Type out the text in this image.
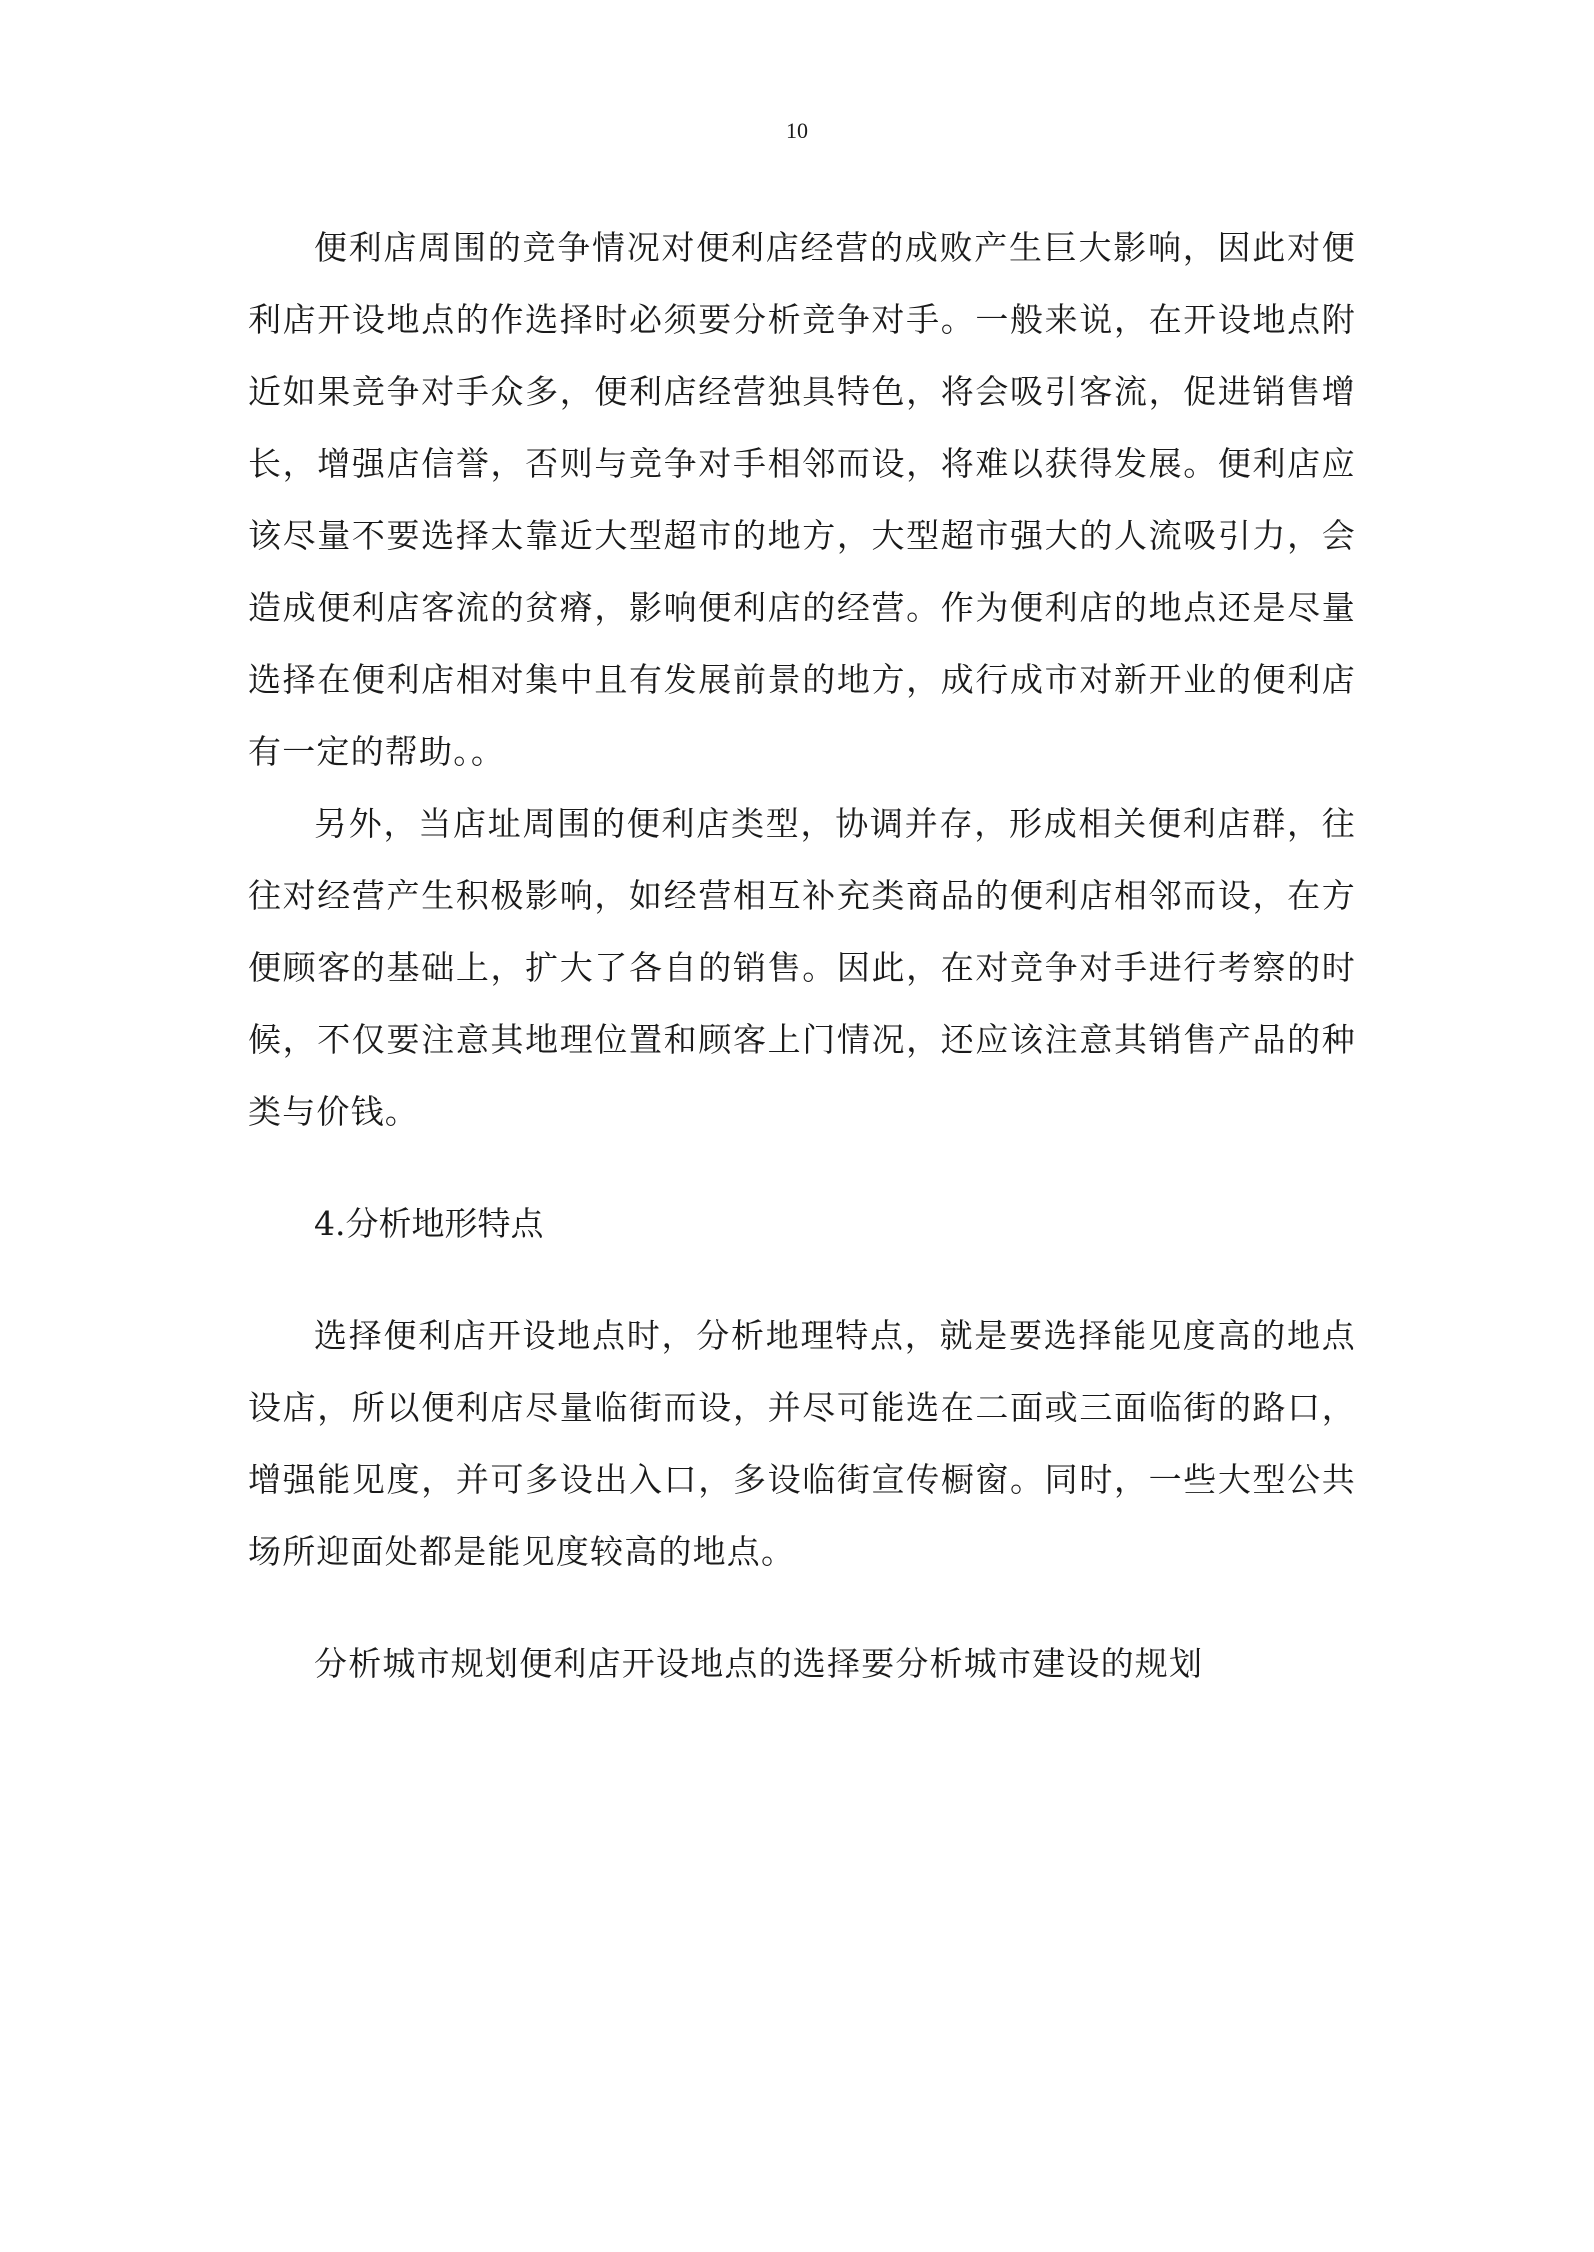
10

便利店周围的竞争情况对便利店经营的成败产生巨大影响，因此对便利店开设地点的作选择时必须要分析竞争对手。一般来说，在开设地点附近如果竞争对手众多，便利店经营独具特色，将会吸引客流，促进销售增长，增强店信誉，否则与竞争对手相邻而设，将难以获得发展。便利店应该尽量不要选择太靠近大型超市的地方，大型超市强大的人流吸引力，会造成便利店客流的贫瘠，影响便利店的经营。作为便利店的地点还是尽量选择在便利店相对集中且有发展前景的地方，成行成市对新开业的便利店有一定的帮助。。

另外，当店址周围的便利店类型，协调并存，形成相关便利店群，往往对经营产生积极影响，如经营相互补充类商品的便利店相邻而设，在方便顾客的基础上，扩大了各自的销售。因此，在对竞争对手进行考察的时候，不仅要注意其地理位置和顾客上门情况，还应该注意其销售产品的种类与价钱。

4.分析地形特点

选择便利店开设地点时，分析地理特点，就是要选择能见度高的地点设店，所以便利店尽量临街而设，并尽可能选在二面或三面临街的路口，增强能见度，并可多设出入口，多设临街宣传橱窗。同时，一些大型公共场所迎面处都是能见度较高的地点。

分析城市规划便利店开设地点的选择要分析城市建设的规划
